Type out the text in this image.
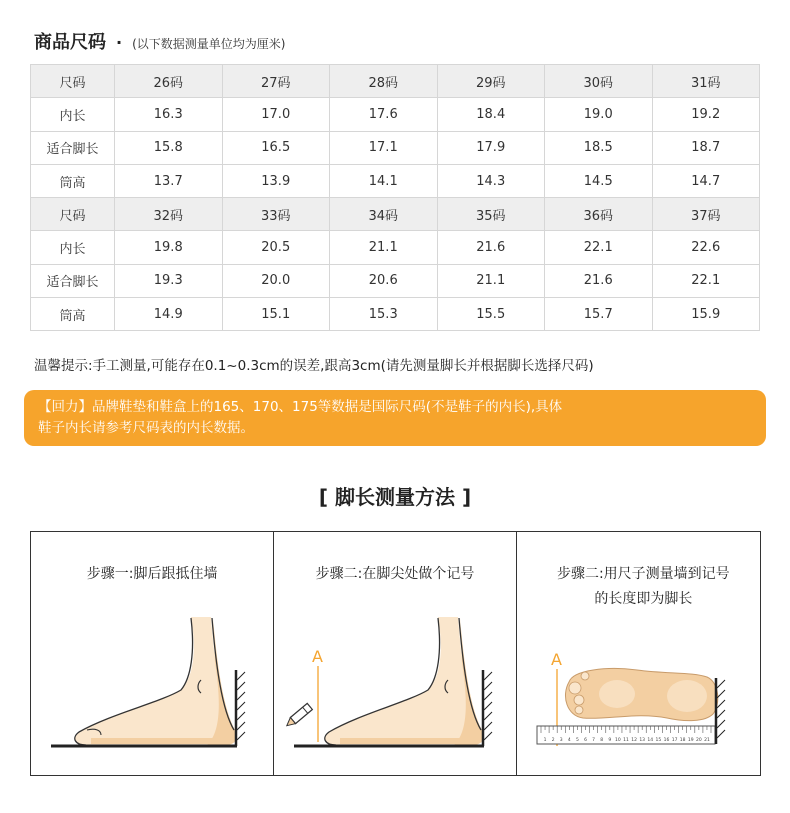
商品尺码 · (以下数据测量单位均为厘米)
尺码	26码	27码	28码	29码	30码	31码
内长	16.3	17.0	17.6	18.4	19.0	19.2
适合脚长	15.8	16.5	17.1	17.9	18.5	18.7
筒高	13.7	13.9	14.1	14.3	14.5	14.7
尺码	32码	33码	34码	35码	36码	37码
内长	19.8	20.5	21.1	21.6	22.1	22.6
适合脚长	19.3	20.0	20.6	21.1	21.6	22.1
筒高	14.9	15.1	15.3	15.5	15.7	15.9
温馨提示:手工测量,可能存在0.1~0.3cm的误差,跟高3cm(请先测量脚长并根据脚长选择尺码)
【回力】品牌鞋垫和鞋盒上的165、170、175等数据是国际尺码(不是鞋子的内长),具体
鞋子内长请参考尺码表的内长数据。
[ 脚长测量方法 ]
步骤一:脚后跟抵住墙	步骤二:在脚尖处做个记号
A
步骤二:用尺子测量墙到记号
的长度即为脚长
A
1 2 3 4 5 6 7 8 9 10 11 12 13 14 15 16 17 18 19 20 21
